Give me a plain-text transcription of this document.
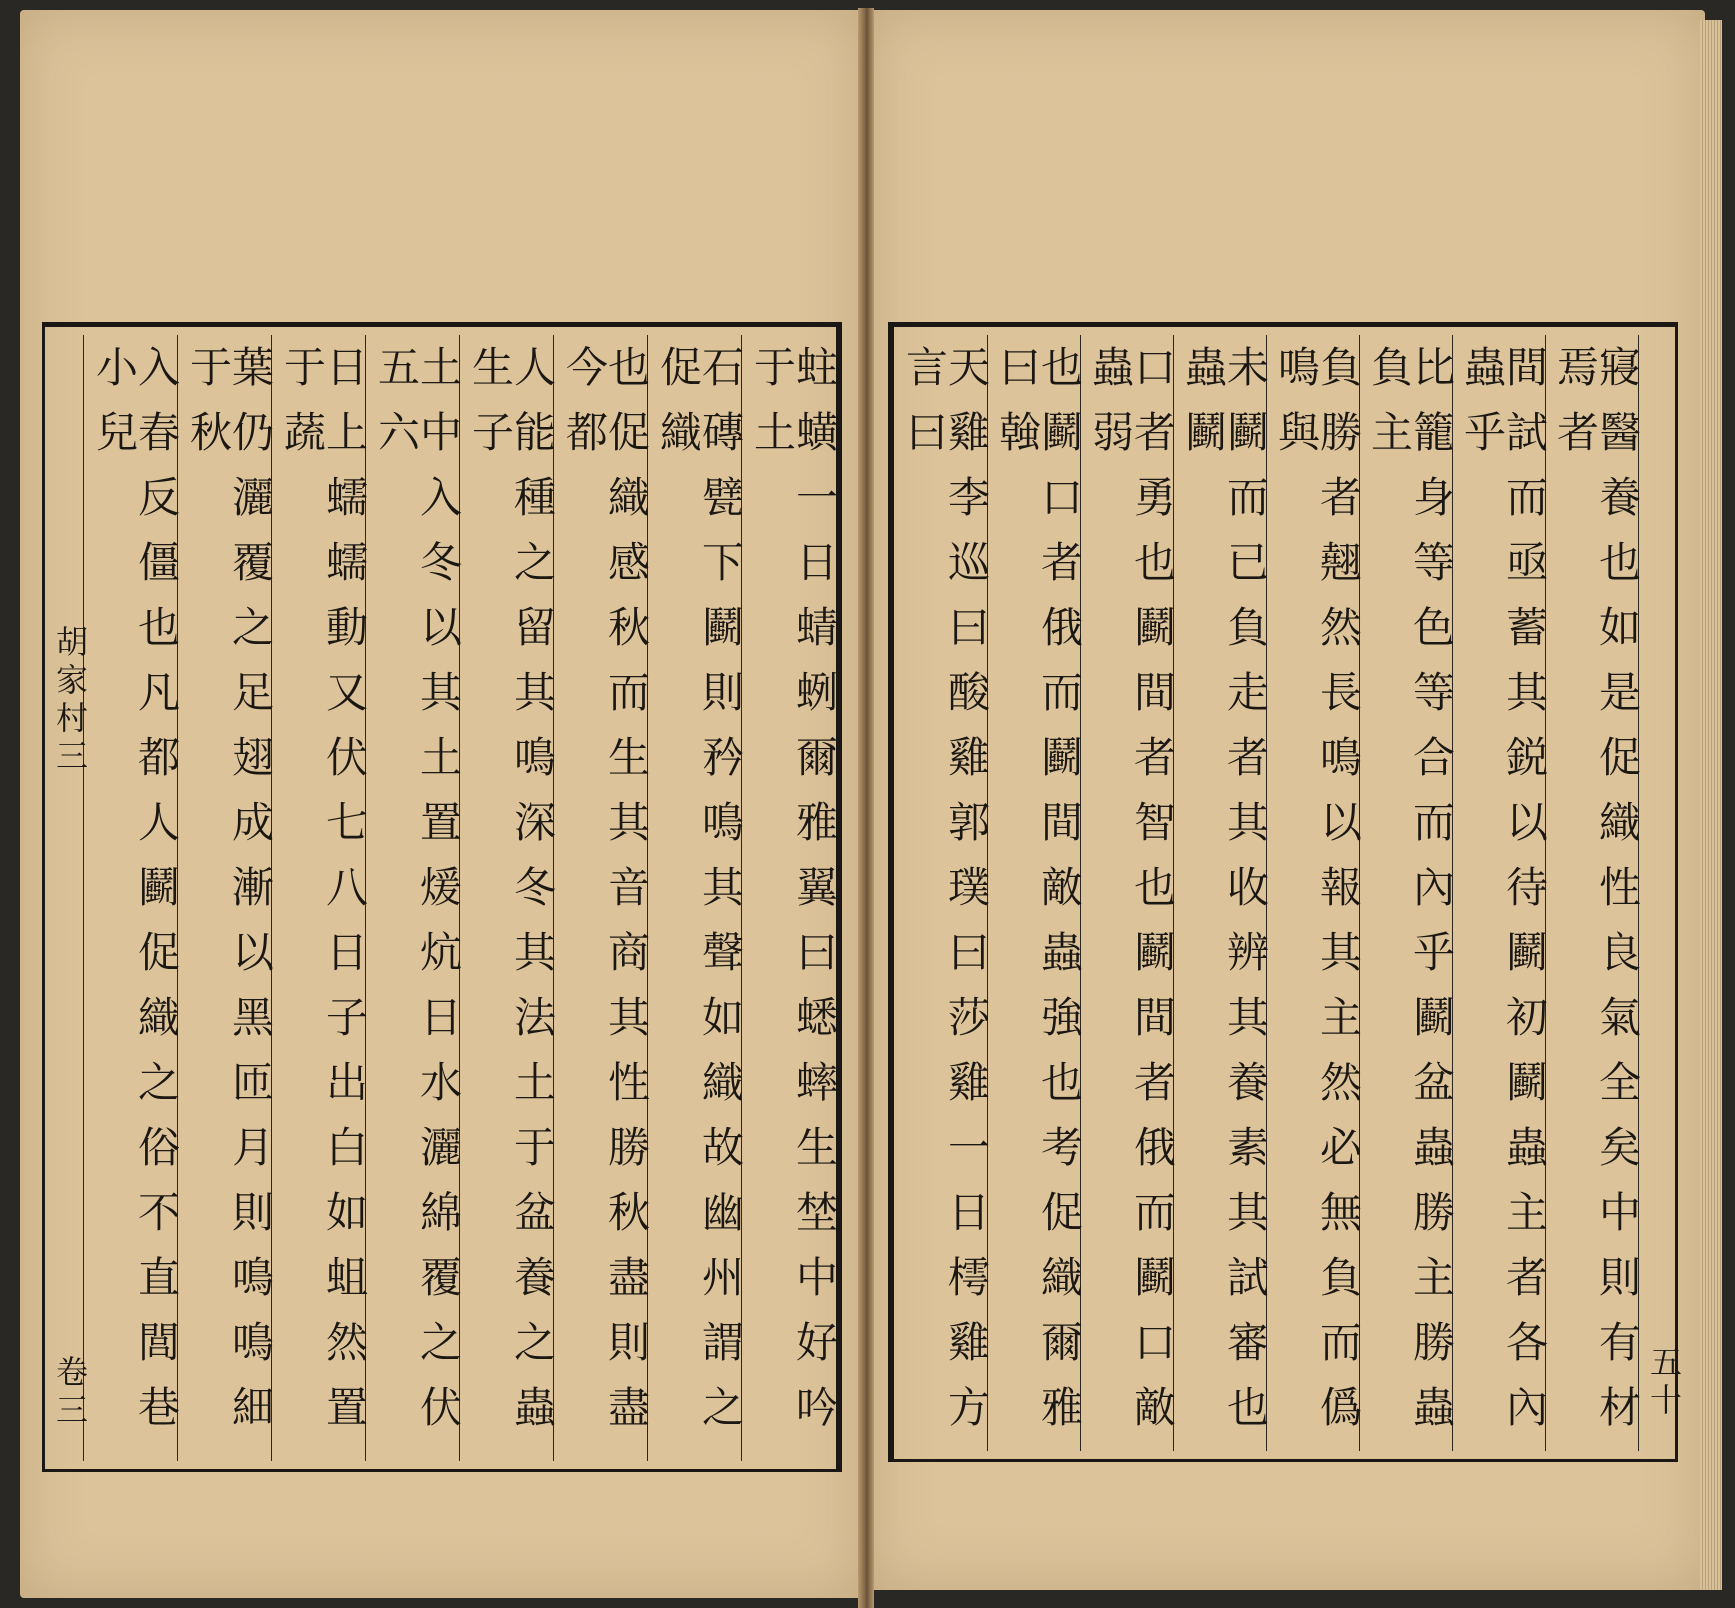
胡家村三
卷三	入春反僵也凡都人鬬促織之俗不直閭巷小兒	葉仍灑覆之足翅成漸以黑匝月則鳴鳴細于秋	日上蠕蠕動又伏七八日子出白如蛆然置于蔬	土中入冬以其土置煖炕日水灑綿覆之伏五六	人能種之留其鳴深冬其法土于盆養之蟲生子	也促織感秋而生其音商其性勝秋盡則盡今都	石磚甓下鬬則矜鳴其聲如織故幽州謂之促織	蛀蟥一日蜻蛚爾雅翼曰蟋蟀生埜中好吟于土	天雞李巡曰酸雞郭璞曰莎雞一日樗雞方言曰	也鬬口者俄而鬬間敵蟲強也考促織爾雅曰螒	口者勇也鬬間者智也鬬間者俄而鬬口敵蟲弱	未鬬而已負走者其收辨其養素其試審也蟲鬬	負勝者翹然長鳴以報其主然必無負而僞鳴與	比籠身等色等合而內乎鬬盆蟲勝主勝蟲負主	間試而亟蓄其鋭以待鬬初鬬蟲主者各內蟲乎	寢醫養也如是促織性良氣全矣中則有材焉者
五十
